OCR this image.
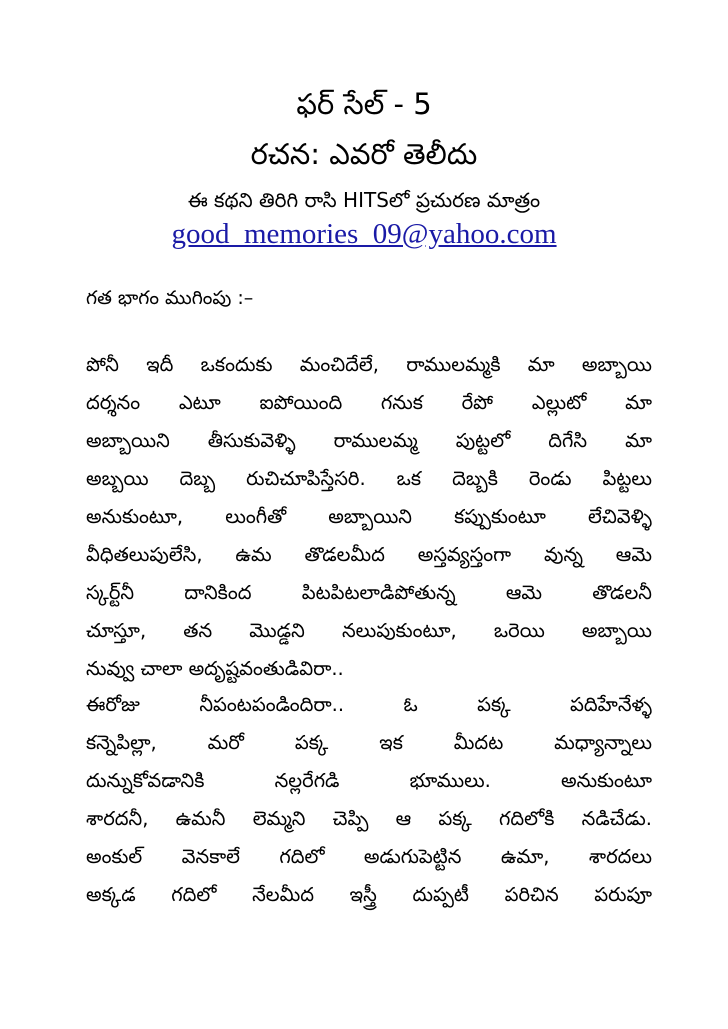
ఫర్ సేల్ - 5
రచన: ఎవరో తెలీదు
ఈ కథని తిరిగి రాసి HITSలో ప్రచురణ మాత్రం
good_memories_09@yahoo.com
గత భాగం ముగింపు :–
పోనీ ఇదీ ఒకందుకు మంచిదేలే, రాములమ్మకి మా అబ్బాయి
దర్శనం ఎటూ ఐపోయింది గనుక రేపో ఎల్లుటో మా
అబ్బాయిని తీసుకువెళ్ళి రాములమ్మ పుట్టలో దిగేసి మా
అబ్బయి దెబ్బ రుచిచూపిస్తేసరి. ఒక దెబ్బకి రెండు పిట్టలు
అనుకుంటూ, లుంగీతో అబ్బాయిని కప్పుకుంటూ లేచివెళ్ళి
వీధితలుపులేసి, ఉమ తొడలమీద అస్తవ్యస్తంగా వున్న ఆమె
స్కర్ట్‌నీ దానికింద పిటపిటలాడిపోతున్న ఆమె తొడలనీ
చూస్తూ, తన మొడ్డని నలుపుకుంటూ, ఒరెయి అబ్బాయి
నువ్వు చాలా అదృష్టవంతుడివిరా..
ఈరోజు నీపంటపండిందిరా.. ఓ పక్క పదిహేనేళ్ళ
కన్నెపిల్లా, మరో పక్క ఇక మీదట మధ్యాన్నాలు
దున్నుకోవడానికి నల్లరేగడి భూములు. అనుకుంటూ
శారదనీ, ఉమనీ లెమ్మని చెప్పి ఆ పక్క గదిలోకి నడిచేడు.
అంకుల్ వెనకాలే గదిలో అడుగుపెట్టిన ఉమా, శారదలు
అక్కడ గదిలో నేలమీద ఇస్త్రీ దుప్పటీ పరిచిన పరుపూ
